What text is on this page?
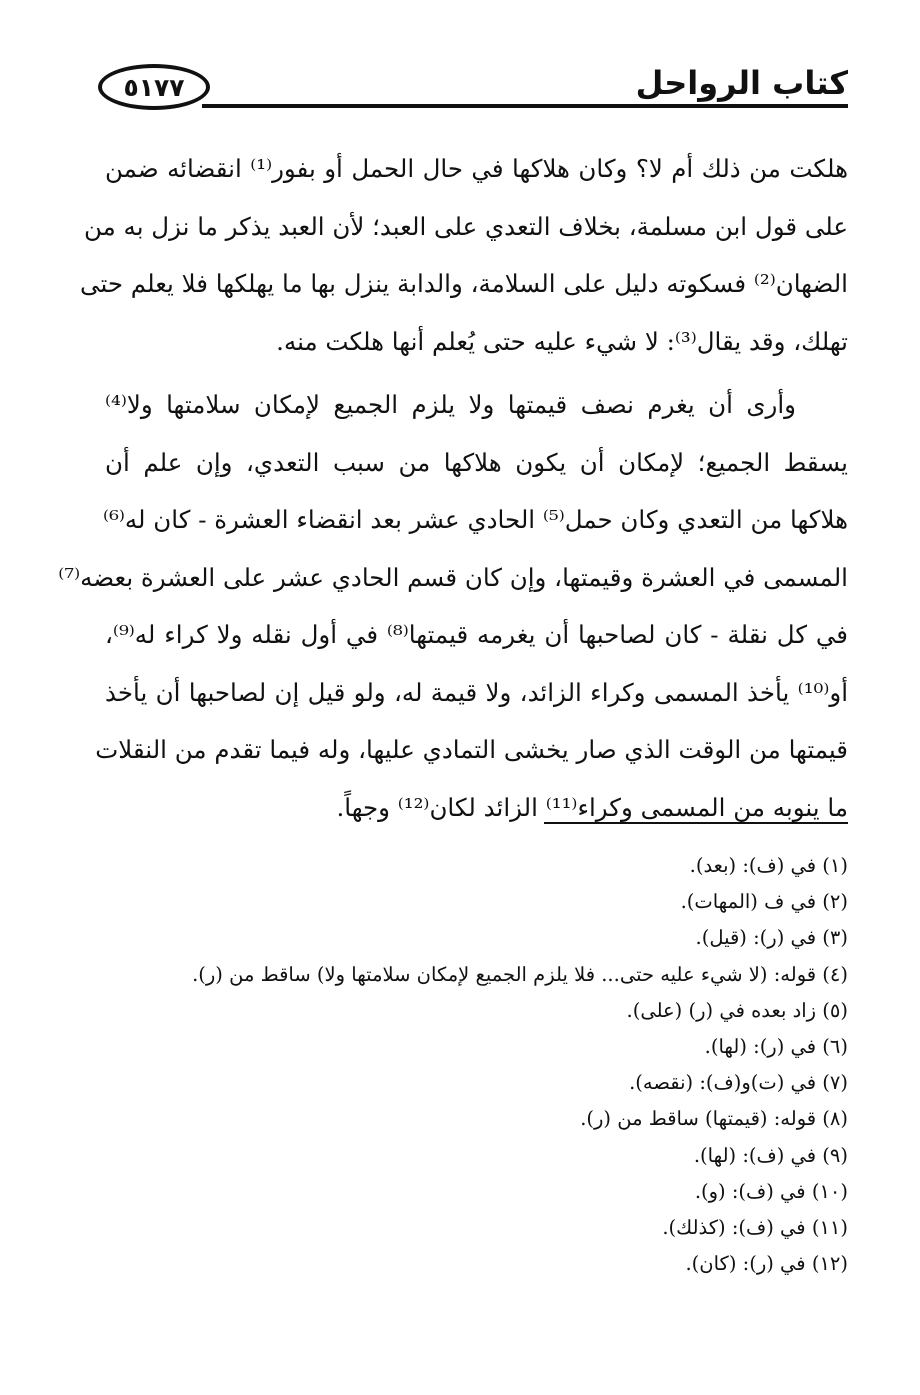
٥١٧٧	كتاب الرواحل
هلكت من ذلك أم لا؟ وكان هلاكها في حال الحمل أو بفور⁽¹⁾ انقضائه ضمن
على قول ابن مسلمة، بخلاف التعدي على العبد؛ لأن العبد يذكر ما نزل به من
الضهان⁽²⁾ فسكوته دليل على السلامة، والدابة ينزل بها ما يهلكها فلا يعلم حتى
تهلك، وقد يقال⁽³⁾: لا شيء عليه حتى يُعلم أنها هلكت منه.
وأرى أن يغرم نصف قيمتها ولا يلزم الجميع لإمكان سلامتها ولا⁽⁴⁾
يسقط الجميع؛ لإمكان أن يكون هلاكها من سبب التعدي، وإن علم أن
هلاكها من التعدي وكان حمل⁽⁵⁾ الحادي عشر بعد انقضاء العشرة - كان له⁽⁶⁾
المسمى في العشرة وقيمتها، وإن كان قسم الحادي عشر على العشرة بعضه⁽⁷⁾
في كل نقلة - كان لصاحبها أن يغرمه قيمتها⁽⁸⁾ في أول نقله ولا كراء له⁽⁹⁾،
أو⁽¹⁰⁾ يأخذ المسمى وكراء الزائد، ولا قيمة له، ولو قيل إن لصاحبها أن يأخذ
قيمتها من الوقت الذي صار يخشى التمادي عليها، وله فيما تقدم من النقلات
ما ينوبه من المسمى وكراء⁽¹¹⁾ الزائد لكان⁽¹²⁾ وجهاً.
(١) في (ف): (بعد).
(٢) في ف (المهات).
(٣) في (ر): (قيل).
(٤) قوله: (لا شيء عليه حتى... فلا يلزم الجميع لإمكان سلامتها ولا) ساقط من (ر).
(٥) زاد بعده في (ر) (على).
(٦) في (ر): (لها).
(٧) في (ت)و(ف): (نقصه).
(٨) قوله: (قيمتها) ساقط من (ر).
(٩) في (ف): (لها).
(١٠) في (ف): (و).
(١١) في (ف): (كذلك).
(١٢) في (ر): (كان).
